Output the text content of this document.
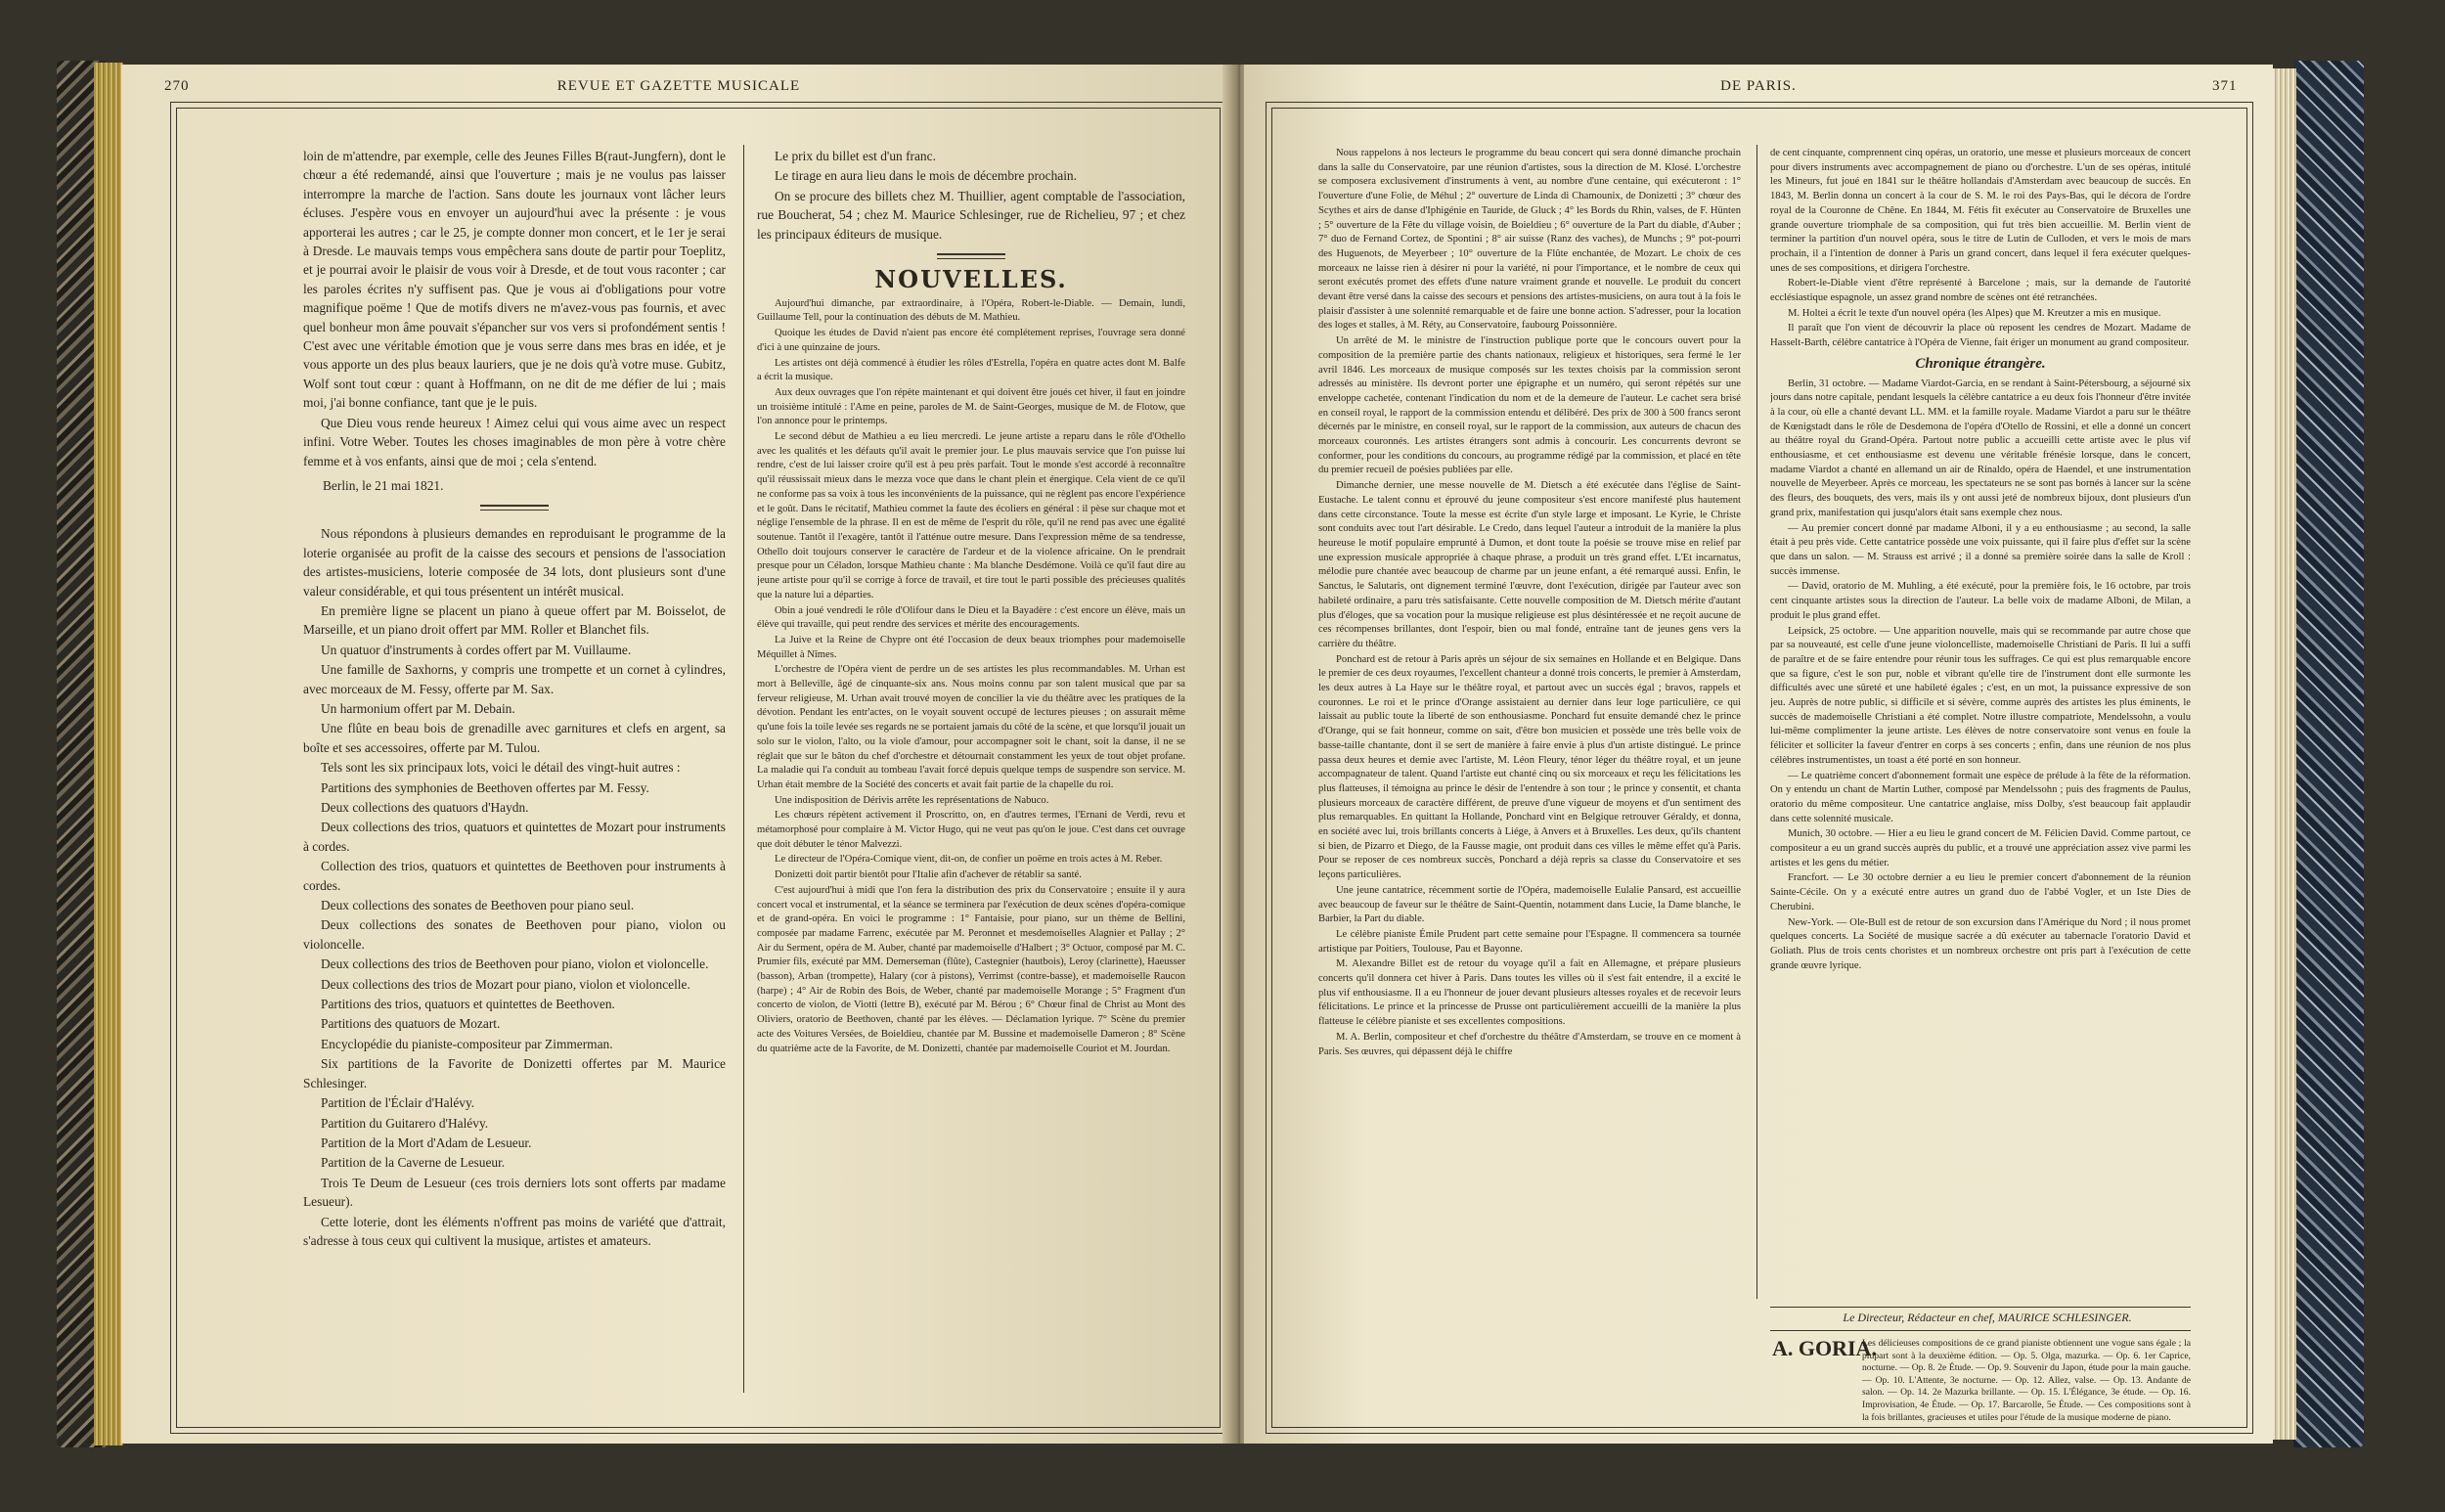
270	REVUE ET GAZETTE MUSICALE

loin de m'attendre, par exemple, celle des Jeunes Filles B(raut-Jungfern), dont le chœur a été redemandé, ainsi que l'ouverture ; mais je ne voulus pas laisser interrompre la marche de l'action. Sans doute les journaux vont lâcher leurs écluses. J'espère vous en envoyer un aujourd'hui avec la présente : je vous apporterai les autres ; car le 25, je compte donner mon concert, et le 1er je serai à Dresde. Le mauvais temps vous empêchera sans doute de partir pour Toeplitz, et je pourrai avoir le plaisir de vous voir à Dresde, et de tout vous raconter ; car les paroles écrites n'y suffisent pas. Que je vous ai d'obligations pour votre magnifique poëme ! Que de motifs divers ne m'avez-vous pas fournis, et avec quel bonheur mon âme pouvait s'épancher sur vos vers si profondément sentis ! C'est avec une véritable émotion que je vous serre dans mes bras en idée, et je vous apporte un des plus beaux lauriers, que je ne dois qu'à votre muse. Gubitz, Wolf sont tout cœur : quant à Hoffmann, on ne dit de me défier de lui ; mais moi, j'ai bonne confiance, tant que je le puis.

Que Dieu vous rende heureux ! Aimez celui qui vous aime avec un respect infini. Votre Weber. Toutes les choses imaginables de mon père à votre chère femme et à vos enfants, ainsi que de moi ; cela s'entend.

Berlin, le 21 mai 1821.

Nous répondons à plusieurs demandes en reproduisant le programme de la loterie organisée au profit de la caisse des secours et pensions de l'association des artistes-musiciens, loterie composée de 34 lots, dont plusieurs sont d'une valeur considérable, et qui tous présentent un intérêt musical.

En première ligne se placent un piano à queue offert par M. Boisselot, de Marseille, et un piano droit offert par MM. Roller et Blanchet fils.

Un quatuor d'instruments à cordes offert par M. Vuillaume.

Une famille de Saxhorns, y compris une trompette et un cornet à cylindres, avec morceaux de M. Fessy, offerte par M. Sax.

Un harmonium offert par M. Debain.

Une flûte en beau bois de grenadille avec garnitures et clefs en argent, sa boîte et ses accessoires, offerte par M. Tulou.

Tels sont les six principaux lots, voici le détail des vingt-huit autres :

Partitions des symphonies de Beethoven offertes par M. Fessy.

Deux collections des quatuors d'Haydn.

Deux collections des trios, quatuors et quintettes de Mozart pour instruments à cordes.

Collection des trios, quatuors et quintettes de Beethoven pour instruments à cordes.

Deux collections des sonates de Beethoven pour piano seul.

Deux collections des sonates de Beethoven pour piano, violon ou violoncelle.

Deux collections des trios de Beethoven pour piano, violon et violoncelle.

Deux collections des trios de Mozart pour piano, violon et violoncelle.

Partitions des trios, quatuors et quintettes de Beethoven.

Partitions des quatuors de Mozart.

Encyclopédie du pianiste-compositeur par Zimmerman.

Six partitions de la Favorite de Donizetti offertes par M. Maurice Schlesinger.

Partition de l'Éclair d'Halévy.

Partition du Guitarero d'Halévy.

Partition de la Mort d'Adam de Lesueur.

Partition de la Caverne de Lesueur.

Trois Te Deum de Lesueur (ces trois derniers lots sont offerts par madame Lesueur).

Cette loterie, dont les éléments n'offrent pas moins de variété que d'attrait, s'adresse à tous ceux qui cultivent la musique, artistes et amateurs.

Le prix du billet est d'un franc.

Le tirage en aura lieu dans le mois de décembre prochain.

On se procure des billets chez M. Thuillier, agent comptable de l'association, rue Boucherat, 54 ; chez M. Maurice Schlesinger, rue de Richelieu, 97 ; et chez les principaux éditeurs de musique.

NOUVELLES.

Aujourd'hui dimanche, par extraordinaire, à l'Opéra, Robert-le-Diable. — Demain, lundi, Guillaume Tell, pour la continuation des débuts de M. Mathieu.

Quoique les études de David n'aient pas encore été complétement reprises, l'ouvrage sera donné d'ici à une quinzaine de jours.

Les artistes ont déjà commencé à étudier les rôles d'Estrella, l'opéra en quatre actes dont M. Balfe a écrit la musique.

Aux deux ouvrages que l'on répète maintenant et qui doivent être joués cet hiver, il faut en joindre un troisième intitulé : l'Ame en peine, paroles de M. de Saint-Georges, musique de M. de Flotow, que l'on annonce pour le printemps.

Le second début de Mathieu a eu lieu mercredi. Le jeune artiste a reparu dans le rôle d'Othello avec les qualités et les défauts qu'il avait le premier jour. Le plus mauvais service que l'on puisse lui rendre, c'est de lui laisser croire qu'il est à peu près parfait. Tout le monde s'est accordé à reconnaître qu'il réussissait mieux dans le mezza voce que dans le chant plein et énergique. Cela vient de ce qu'il ne conforme pas sa voix à tous les inconvénients de la puissance, qui ne règlent pas encore l'expérience et le goût. Dans le récitatif, Mathieu commet la faute des écoliers en général : il pèse sur chaque mot et néglige l'ensemble de la phrase. Il en est de même de l'esprit du rôle, qu'il ne rend pas avec une égalité soutenue. Tantôt il l'exagère, tantôt il l'atténue outre mesure. Dans l'expression même de sa tendresse, Othello doit toujours conserver le caractère de l'ardeur et de la violence africaine. On le prendrait presque pour un Céladon, lorsque Mathieu chante : Ma blanche Desdémone. Voilà ce qu'il faut dire au jeune artiste pour qu'il se corrige à force de travail, et tire tout le parti possible des précieuses qualités que la nature lui a départies.

Obin a joué vendredi le rôle d'Olifour dans le Dieu et la Bayadère : c'est encore un élève, mais un élève qui travaille, qui peut rendre des services et mérite des encouragements.

La Juive et la Reine de Chypre ont été l'occasion de deux beaux triomphes pour mademoiselle Méquillet à Nîmes.

L'orchestre de l'Opéra vient de perdre un de ses artistes les plus recommandables. M. Urhan est mort à Belleville, âgé de cinquante-six ans. Nous moins connu par son talent musical que par sa ferveur religieuse, M. Urhan avait trouvé moyen de concilier la vie du théâtre avec les pratiques de la dévotion. Pendant les entr'actes, on le voyait souvent occupé de lectures pieuses ; on assurait même qu'une fois la toile levée ses regards ne se portaient jamais du côté de la scène, et que lorsqu'il jouait un solo sur le violon, l'alto, ou la viole d'amour, pour accompagner soit le chant, soit la danse, il ne se réglait que sur le bâton du chef d'orchestre et détournait constamment les yeux de tout objet profane. La maladie qui l'a conduit au tombeau l'avait forcé depuis quelque temps de suspendre son service. M. Urhan était membre de la Société des concerts et avait fait partie de la chapelle du roi.

Une indisposition de Dérivis arrête les représentations de Nabuco.

Les chœurs répètent activement il Proscritto, on, en d'autres termes, l'Ernani de Verdi, revu et métamorphosé pour complaire à M. Victor Hugo, qui ne veut pas qu'on le joue. C'est dans cet ouvrage que doit débuter le ténor Malvezzi.

Le directeur de l'Opéra-Comique vient, dit-on, de confier un poëme en trois actes à M. Reber.

Donizetti doit partir bientôt pour l'Italie afin d'achever de rétablir sa santé.

C'est aujourd'hui à midi que l'on fera la distribution des prix du Conservatoire ; ensuite il y aura concert vocal et instrumental, et la séance se terminera par l'exécution de deux scènes d'opéra-comique et de grand-opéra. En voici le programme : 1° Fantaisie, pour piano, sur un thème de Bellini, composée par madame Farrenc, exécutée par M. Peronnet et mesdemoiselles Alagnier et Pallay ; 2° Air du Serment, opéra de M. Auber, chanté par mademoiselle d'Halbert ; 3° Octuor, composé par M. C. Prumier fils, exécuté par MM. Demerseman (flûte), Castegnier (hautbois), Leroy (clarinette), Haeusser (basson), Arban (trompette), Halary (cor à pistons), Verrimst (contre-basse), et mademoiselle Raucon (harpe) ; 4° Air de Robin des Bois, de Weber, chanté par mademoiselle Morange ; 5° Fragment d'un concerto de violon, de Viotti (lettre B), exécuté par M. Bérou ; 6° Chœur final de Christ au Mont des Oliviers, oratorio de Beethoven, chanté par les élèves. — Déclamation lyrique. 7° Scène du premier acte des Voitures Versées, de Boieldieu, chantée par M. Bussine et mademoiselle Dameron ; 8° Scène du quatrième acte de la Favorite, de M. Donizetti, chantée par mademoiselle Couriot et M. Jourdan.

DE PARIS.	371

Nous rappelons à nos lecteurs le programme du beau concert qui sera donné dimanche prochain dans la salle du Conservatoire, par une réunion d'artistes, sous la direction de M. Klosé. L'orchestre se composera exclusivement d'instruments à vent, au nombre d'une centaine, qui exécuteront : 1° l'ouverture d'une Folie, de Méhul ; 2° ouverture de Linda di Chamounix, de Donizetti ; 3° chœur des Scythes et airs de danse d'Iphigénie en Tauride, de Gluck ; 4° les Bords du Rhin, valses, de F. Hünten ; 5° ouverture de la Fête du village voisin, de Boieldieu ; 6° ouverture de la Part du diable, d'Auber ; 7° duo de Fernand Cortez, de Spontini ; 8° air suisse (Ranz des vaches), de Munchs ; 9° pot-pourri des Huguenots, de Meyerbeer ; 10° ouverture de la Flûte enchantée, de Mozart. Le choix de ces morceaux ne laisse rien à désirer ni pour la variété, ni pour l'importance, et le nombre de ceux qui seront exécutés promet des effets d'une nature vraiment grande et nouvelle. Le produit du concert devant être versé dans la caisse des secours et pensions des artistes-musiciens, on aura tout à la fois le plaisir d'assister à une solennité remarquable et de faire une bonne action. S'adresser, pour la location des loges et stalles, à M. Réty, au Conservatoire, faubourg Poissonnière.

Un arrêté de M. le ministre de l'instruction publique porte que le concours ouvert pour la composition de la première partie des chants nationaux, religieux et historiques, sera fermé le 1er avril 1846. Les morceaux de musique composés sur les textes choisis par la commission seront adressés au ministère. Ils devront porter une épigraphe et un numéro, qui seront répétés sur une enveloppe cachetée, contenant l'indication du nom et de la demeure de l'auteur. Le cachet sera brisé en conseil royal, le rapport de la commission entendu et délibéré. Des prix de 300 à 500 francs seront décernés par le ministre, en conseil royal, sur le rapport de la commission, aux auteurs de chacun des morceaux couronnés. Les artistes étrangers sont admis à concourir. Les concurrents devront se conformer, pour les conditions du concours, au programme rédigé par la commission, et placé en tête du premier recueil de poésies publiées par elle.

Dimanche dernier, une messe nouvelle de M. Dietsch a été exécutée dans l'église de Saint-Eustache. Le talent connu et éprouvé du jeune compositeur s'est encore manifesté plus hautement dans cette circonstance. Toute la messe est écrite d'un style large et imposant. Le Kyrie, le Christe sont conduits avec tout l'art désirable. Le Credo, dans lequel l'auteur a introduit de la manière la plus heureuse le motif populaire emprunté à Dumon, et dont toute la poésie se trouve mise en relief par une expression musicale appropriée à chaque phrase, a produit un très grand effet. L'Et incarnatus, mélodie pure chantée avec beaucoup de charme par un jeune enfant, a été remarqué aussi. Enfin, le Sanctus, le Salutaris, ont dignement terminé l'œuvre, dont l'exécution, dirigée par l'auteur avec son habileté ordinaire, a paru très satisfaisante. Cette nouvelle composition de M. Dietsch mérite d'autant plus d'éloges, que sa vocation pour la musique religieuse est plus désintéressée et ne reçoit aucune de ces récompenses brillantes, dont l'espoir, bien ou mal fondé, entraîne tant de jeunes gens vers la carrière du théâtre.

Ponchard est de retour à Paris après un séjour de six semaines en Hollande et en Belgique. Dans le premier de ces deux royaumes, l'excellent chanteur a donné trois concerts, le premier à Amsterdam, les deux autres à La Haye sur le théâtre royal, et partout avec un succès égal ; bravos, rappels et couronnes. Le roi et le prince d'Orange assistaient au dernier dans leur loge particulière, ce qui laissait au public toute la liberté de son enthousiasme. Ponchard fut ensuite demandé chez le prince d'Orange, qui se fait honneur, comme on sait, d'être bon musicien et possède une très belle voix de basse-taille chantante, dont il se sert de manière à faire envie à plus d'un artiste distingué. Le prince passa deux heures et demie avec l'artiste, M. Léon Fleury, ténor léger du théâtre royal, et un jeune accompagnateur de talent. Quand l'artiste eut chanté cinq ou six morceaux et reçu les félicitations les plus flatteuses, il témoigna au prince le désir de l'entendre à son tour ; le prince y consentit, et chanta plusieurs morceaux de caractère différent, de preuve d'une vigueur de moyens et d'un sentiment des plus remarquables. En quittant la Hollande, Ponchard vint en Belgique retrouver Géraldy, et donna, en société avec lui, trois brillants concerts à Liége, à Anvers et à Bruxelles. Les deux, qu'ils chantent si bien, de Pizarro et Diego, de la Fausse magie, ont produit dans ces villes le même effet qu'à Paris. Pour se reposer de ces nombreux succès, Ponchard a déjà repris sa classe du Conservatoire et ses leçons particulières.

Une jeune cantatrice, récemment sortie de l'Opéra, mademoiselle Eulalie Pansard, est accueillie avec beaucoup de faveur sur le théâtre de Saint-Quentin, notamment dans Lucie, la Dame blanche, le Barbier, la Part du diable.

Le célèbre pianiste Émile Prudent part cette semaine pour l'Espagne. Il commencera sa tournée artistique par Poitiers, Toulouse, Pau et Bayonne.

M. Alexandre Billet est de retour du voyage qu'il a fait en Allemagne, et prépare plusieurs concerts qu'il donnera cet hiver à Paris. Dans toutes les villes où il s'est fait entendre, il a excité le plus vif enthousiasme. Il a eu l'honneur de jouer devant plusieurs altesses royales et de recevoir leurs félicitations. Le prince et la princesse de Prusse ont particulièrement accueilli de la manière la plus flatteuse le célèbre pianiste et ses excellentes compositions.

M. A. Berlin, compositeur et chef d'orchestre du théâtre d'Amsterdam, se trouve en ce moment à Paris. Ses œuvres, qui dépassent déjà le chiffre

de cent cinquante, comprennent cinq opéras, un oratorio, une messe et plusieurs morceaux de concert pour divers instruments avec accompagnement de piano ou d'orchestre. L'un de ses opéras, intitulé les Mineurs, fut joué en 1841 sur le théâtre hollandais d'Amsterdam avec beaucoup de succès. En 1843, M. Berlin donna un concert à la cour de S. M. le roi des Pays-Bas, qui le décora de l'ordre royal de la Couronne de Chêne. En 1844, M. Fétis fit exécuter au Conservatoire de Bruxelles une grande ouverture triomphale de sa composition, qui fut très bien accueillie. M. Berlin vient de terminer la partition d'un nouvel opéra, sous le titre de Lutin de Culloden, et vers le mois de mars prochain, il a l'intention de donner à Paris un grand concert, dans lequel il fera exécuter quelques-unes de ses compositions, et dirigera l'orchestre.

Robert-le-Diable vient d'être représenté à Barcelone ; mais, sur la demande de l'autorité ecclésiastique espagnole, un assez grand nombre de scènes ont été retranchées.

M. Holtei a écrit le texte d'un nouvel opéra (les Alpes) que M. Kreutzer a mis en musique.

Il paraît que l'on vient de découvrir la place où reposent les cendres de Mozart. Madame de Hasselt-Barth, célèbre cantatrice à l'Opéra de Vienne, fait ériger un monument au grand compositeur.

Chronique étrangère.

Berlin, 31 octobre. — Madame Viardot-Garcia, en se rendant à Saint-Pétersbourg, a séjourné six jours dans notre capitale, pendant lesquels la célèbre cantatrice a eu deux fois l'honneur d'être invitée à la cour, où elle a chanté devant LL. MM. et la famille royale. Madame Viardot a paru sur le théâtre de Kœnigstadt dans le rôle de Desdemona de l'opéra d'Otello de Rossini, et elle a donné un concert au théâtre royal du Grand-Opéra. Partout notre public a accueilli cette artiste avec le plus vif enthousiasme, et cet enthousiasme est devenu une véritable frénésie lorsque, dans le concert, madame Viardot a chanté en allemand un air de Rinaldo, opéra de Haendel, et une instrumentation nouvelle de Meyerbeer. Après ce morceau, les spectateurs ne se sont pas bornés à lancer sur la scène des fleurs, des bouquets, des vers, mais ils y ont aussi jeté de nombreux bijoux, dont plusieurs d'un grand prix, manifestation qui jusqu'alors était sans exemple chez nous.

— Au premier concert donné par madame Alboni, il y a eu enthousiasme ; au second, la salle était à peu près vide. Cette cantatrice possède une voix puissante, qui il faire plus d'effet sur la scène que dans un salon. — M. Strauss est arrivé ; il a donné sa première soirée dans la salle de Kroll : succès immense.

— David, oratorio de M. Muhling, a été exécuté, pour la première fois, le 16 octobre, par trois cent cinquante artistes sous la direction de l'auteur. La belle voix de madame Alboni, de Milan, a produit le plus grand effet.

Leipsick, 25 octobre. — Une apparition nouvelle, mais qui se recommande par autre chose que par sa nouveauté, est celle d'une jeune violoncelliste, mademoiselle Christiani de Paris. Il lui a suffi de paraître et de se faire entendre pour réunir tous les suffrages. Ce qui est plus remarquable encore que sa figure, c'est le son pur, noble et vibrant qu'elle tire de l'instrument dont elle surmonte les difficultés avec une sûreté et une habileté égales ; c'est, en un mot, la puissance expressive de son jeu. Auprès de notre public, si difficile et si sévère, comme auprès des artistes les plus éminents, le succès de mademoiselle Christiani a été complet. Notre illustre compatriote, Mendelssohn, a voulu lui-même complimenter la jeune artiste. Les élèves de notre conservatoire sont venus en foule la féliciter et solliciter la faveur d'entrer en corps à ses concerts ; enfin, dans une réunion de nos plus célèbres instrumentistes, un toast a été porté en son honneur.

— Le quatrième concert d'abonnement formait une espèce de prélude à la fête de la réformation. On y entendu un chant de Martin Luther, composé par Mendelssohn ; puis des fragments de Paulus, oratorio du même compositeur. Une cantatrice anglaise, miss Dolby, s'est beaucoup fait applaudir dans cette solennité musicale.

Munich, 30 octobre. — Hier a eu lieu le grand concert de M. Félicien David. Comme partout, ce compositeur a eu un grand succès auprès du public, et a trouvé une appréciation assez vive parmi les artistes et les gens du métier.

Francfort. — Le 30 octobre dernier a eu lieu le premier concert d'abonnement de la réunion Sainte-Cécile. On y a exécuté entre autres un grand duo de l'abbé Vogler, et un Iste Dies de Cherubini.

New-York. — Ole-Bull est de retour de son excursion dans l'Amérique du Nord ; il nous promet quelques concerts. La Société de musique sacrée a dû exécuter au tabernacle l'oratorio David et Goliath. Plus de trois cents choristes et un nombreux orchestre ont pris part à l'exécution de cette grande œuvre lyrique.

Le Directeur, Rédacteur en chef, MAURICE SCHLESINGER.
A. GORIA.
Les délicieuses compositions de ce grand pianiste obtiennent une vogue sans égale ; la plupart sont à la deuxième édition. — Op. 5. Olga, mazurka. — Op. 6. 1er Caprice, nocturne. — Op. 8. 2e Étude. — Op. 9. Souvenir du Japon, étude pour la main gauche. — Op. 10. L'Attente, 3e nocturne. — Op. 12. Allez, valse. — Op. 13. Andante de salon. — Op. 14. 2e Mazurka brillante. — Op. 15. L'Élégance, 3e étude. — Op. 16. Improvisation, 4e Étude. — Op. 17. Barcarolle, 5e Étude. — Ces compositions sont à la fois brillantes, gracieuses et utiles pour l'étude de la musique moderne de piano.
